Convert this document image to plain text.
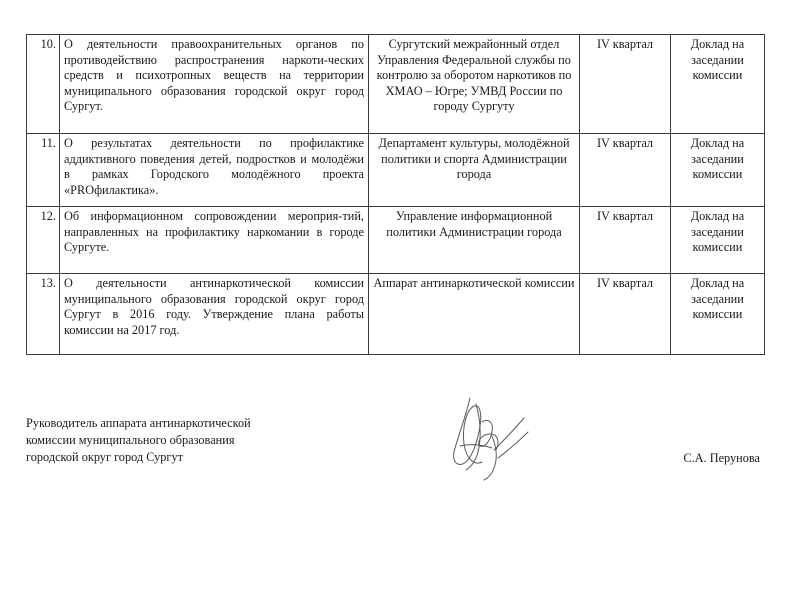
10.	О деятельности правоохранительных органов по противодействию распространения наркоти-ческих средств и психотропных веществ на территории муниципального образования городской округ город Сургут.	Сургутский межрайонный отдел Управления Федеральной службы по контролю за оборотом наркотиков по ХМАО – Югре; УМВД России по городу Сургуту	IV квартал	Доклад на заседании комиссии
11.	О результатах деятельности по профилактике аддиктивного поведения детей, подростков и молодёжи в рамках Городского молодёжного проекта «PROфилактика».	Департамент культуры, молодёжной политики и спорта Администрации города	IV квартал	Доклад на заседании комиссии
12.	Об информационном сопровождении мероприя-тий, направленных на профилактику наркомании в городе Сургуте.	Управление информационной политики Администрации города	IV квартал	Доклад на заседании комиссии
13.	О деятельности антинаркотической комиссии муниципального образования городской округ город Сургут в 2016 году. Утверждение плана работы комиссии на 2017 год.	Аппарат антинаркотической комиссии	IV квартал	Доклад на заседании комиссии
Руководитель аппарата антинаркотической
комиссии муниципального образования
городской округ город Сургут	С.А. Перунова
